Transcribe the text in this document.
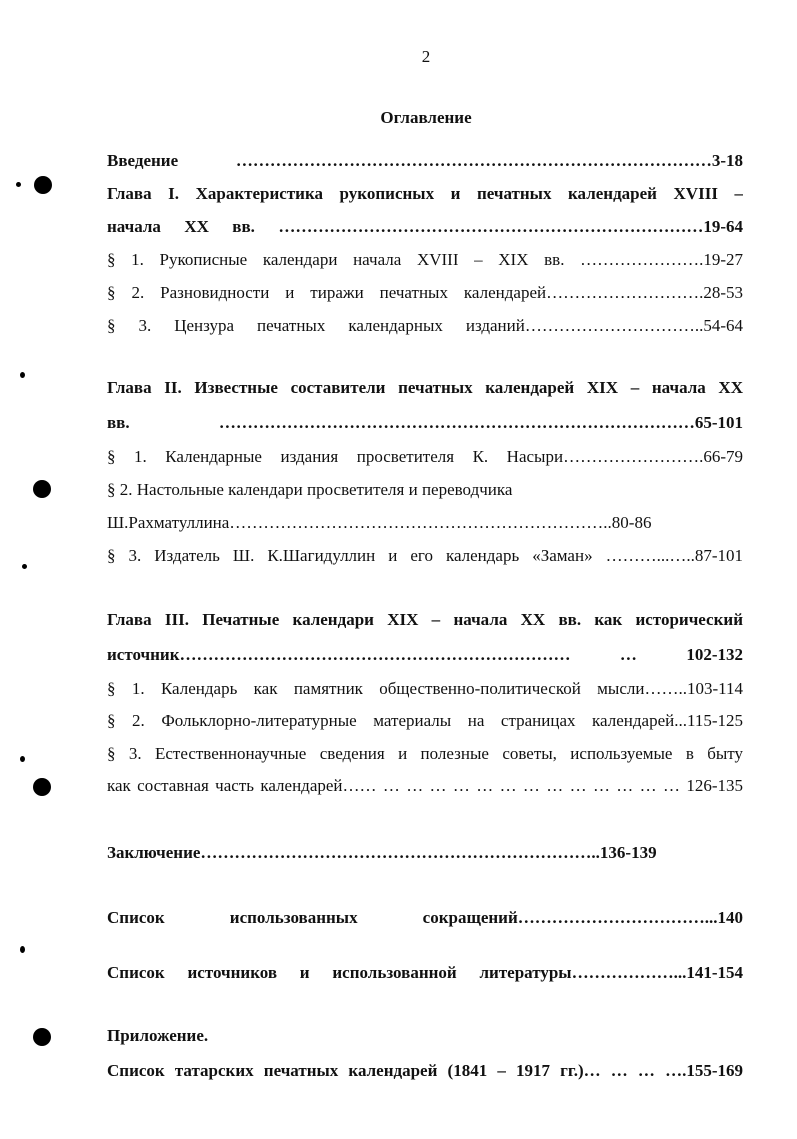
2
Оглавление
Введение …………………………………………………………………………3-18
Глава I. Характеристика рукописных и печатных календарей XVIII –
начала XX вв. …………………………………………………………………19-64
§ 1. Рукописные календари начала XVIII – XIX вв. ………………….19-27
§ 2. Разновидности и тиражи печатных календарей……………………….28-53
§ 3. Цензура печатных календарных изданий…………………………..54-64
Глава II. Известные составители печатных календарей XIX – начала XX
вв. …………………………………………………………………………65-101
§ 1. Календарные издания просветителя К. Насыри…………………….66-79
§ 2. Настольные календари просветителя и переводчика
Ш.Рахматуллина…………………………………………………………..80-86
§ 3. Издатель Ш. К.Шагидуллин и его календарь «Заман» ………...…..87-101
Глава III. Печатные календари XIX – начала XX вв. как исторический
источник…………………………………………………………… … 102-132
§ 1. Календарь как памятник общественно-политической мысли……..103-114
§ 2. Фольклорно-литературные материалы на страницах календарей...115-125
§ 3. Естественнонаучные сведения и полезные советы, используемые в быту
как составная часть календарей…… … … … … … … … … … … … … … 126-135
Заключение……………………………………………………………..136-139
Список использованных сокращений……………………………...140
Список источников и использованной литературы………………...141-154
Приложение.
Список татарских печатных календарей (1841 – 1917 гг.)… … … ….155-169
